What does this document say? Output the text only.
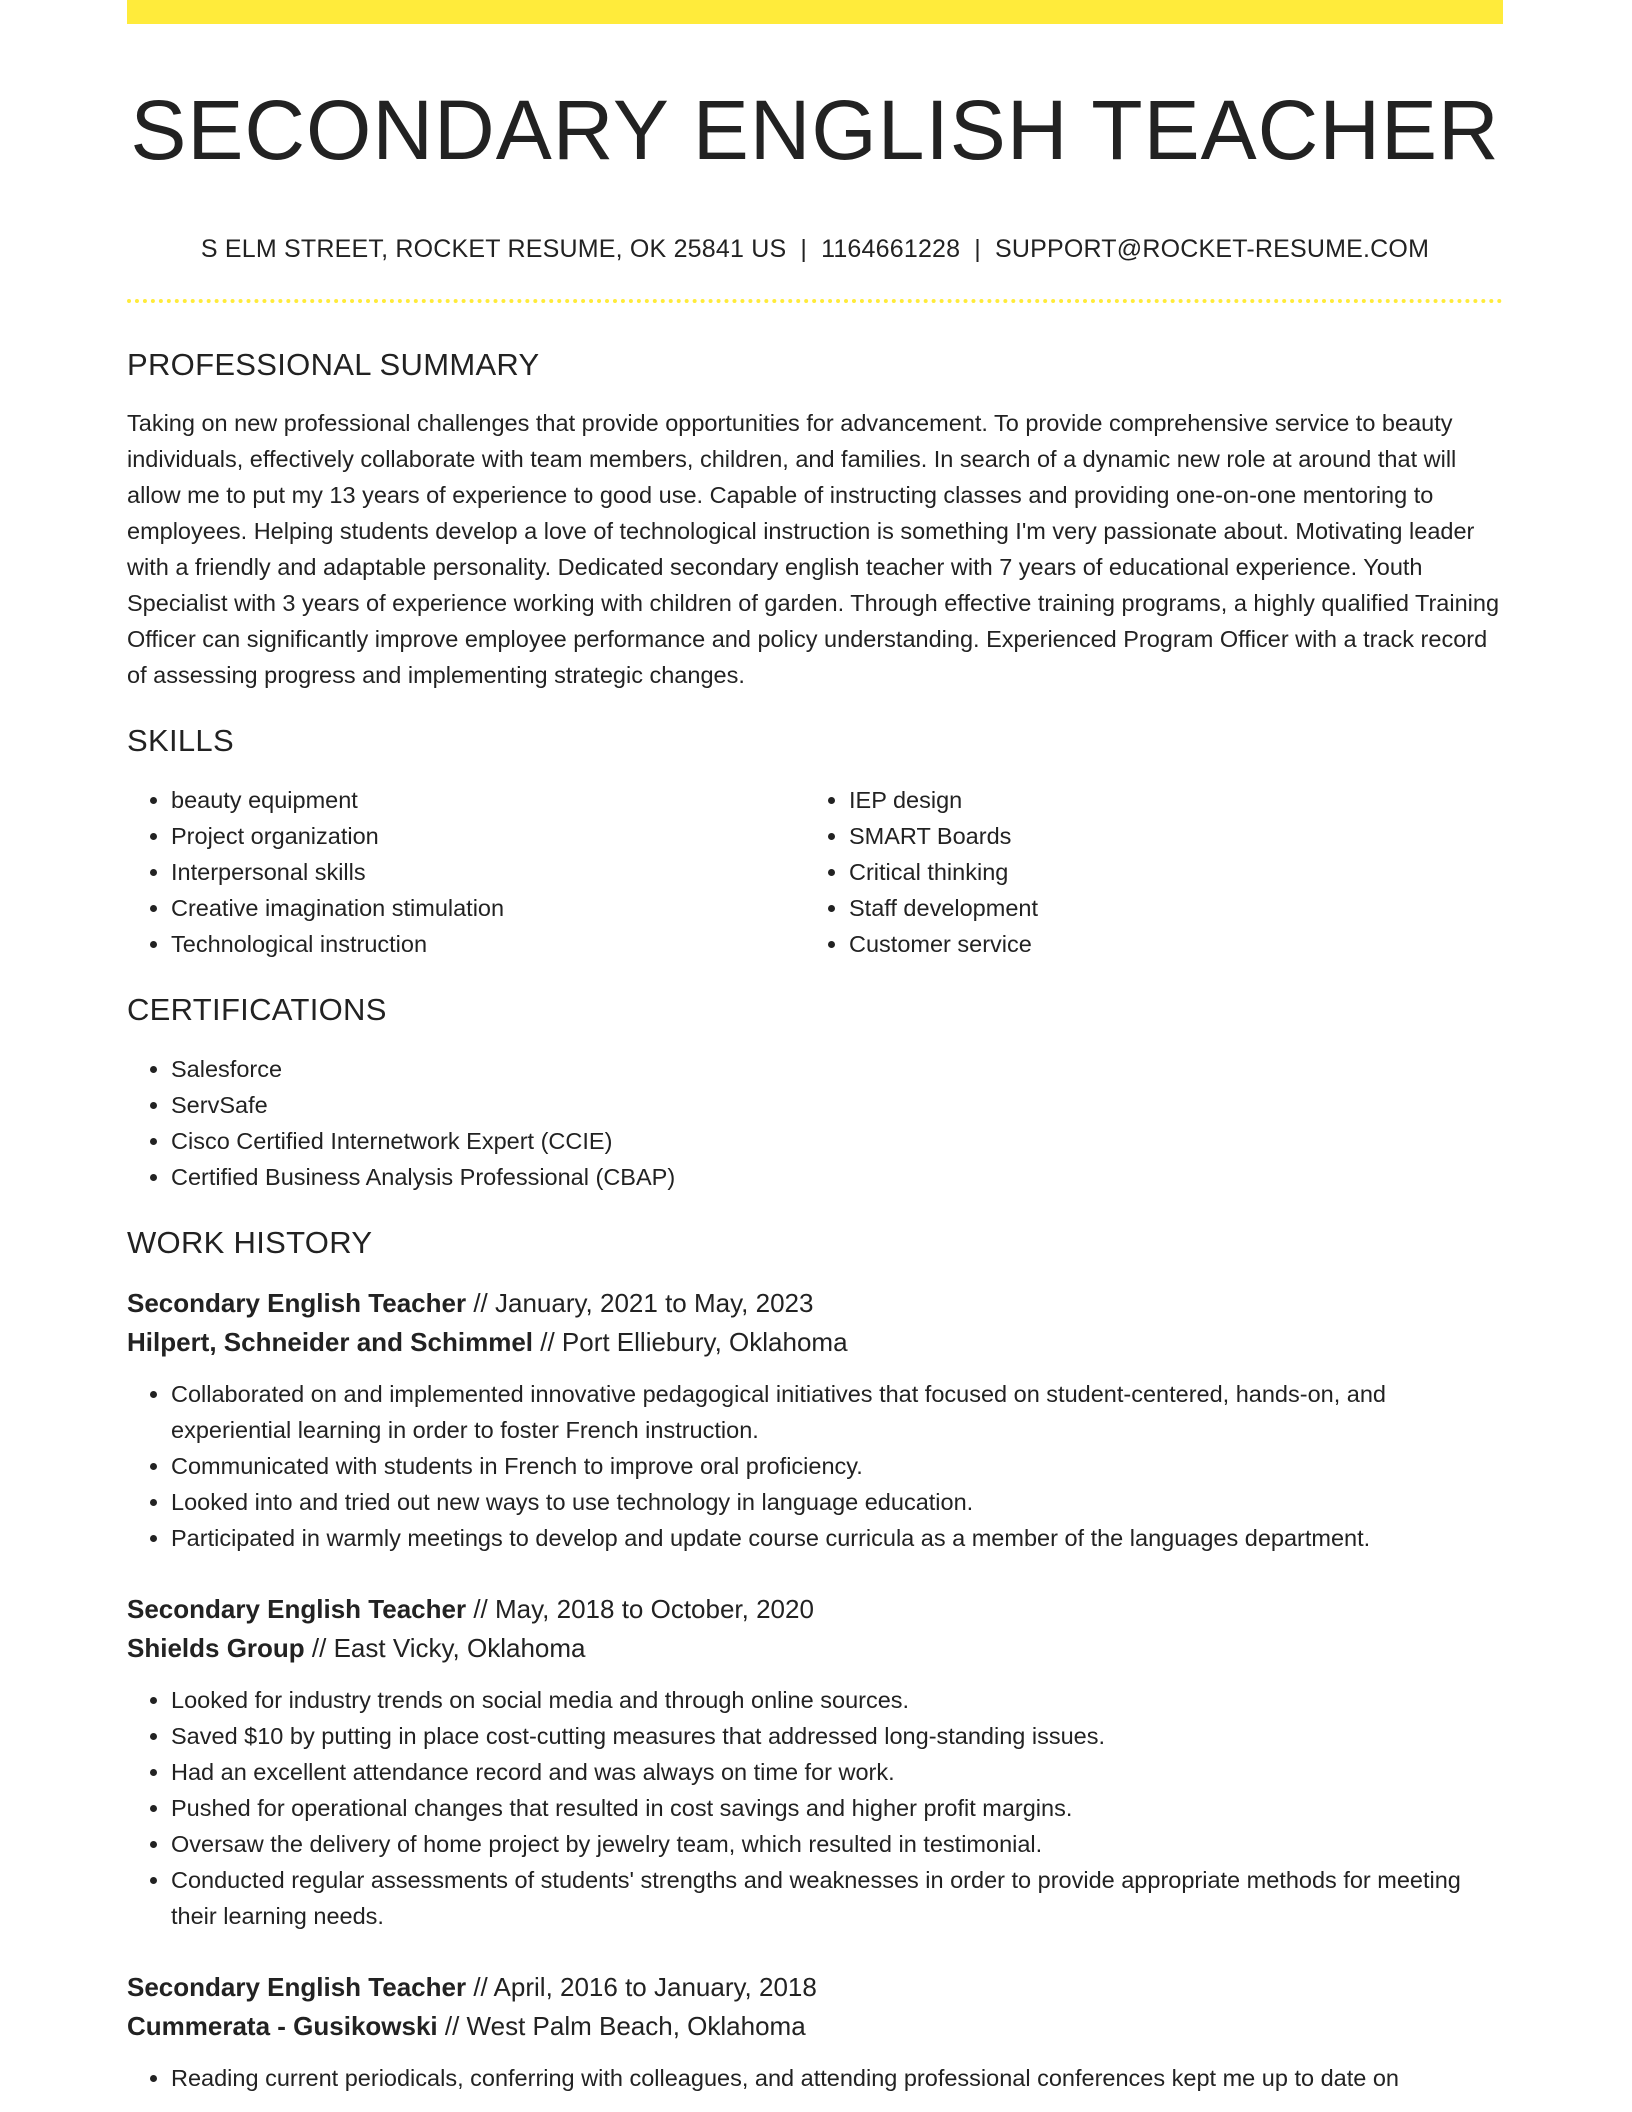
SECONDARY ENGLISH TEACHER
S ELM STREET, ROCKET RESUME, OK 25841 US | 1164661228 | SUPPORT@ROCKET-RESUME.COM
PROFESSIONAL SUMMARY
Taking on new professional challenges that provide opportunities for advancement. To provide comprehensive service to beauty individuals, effectively collaborate with team members, children, and families. In search of a dynamic new role at around that will allow me to put my 13 years of experience to good use. Capable of instructing classes and providing one-on-one mentoring to employees. Helping students develop a love of technological instruction is something I'm very passionate about. Motivating leader with a friendly and adaptable personality. Dedicated secondary english teacher with 7 years of educational experience. Youth Specialist with 3 years of experience working with children of garden. Through effective training programs, a highly qualified Training Officer can significantly improve employee performance and policy understanding. Experienced Program Officer with a track record of assessing progress and implementing strategic changes.
SKILLS
• beauty equipment
• Project organization
• Interpersonal skills
• Creative imagination stimulation
• Technological instruction
• IEP design
• SMART Boards
• Critical thinking
• Staff development
• Customer service
CERTIFICATIONS
• Salesforce
• ServSafe
• Cisco Certified Internetwork Expert (CCIE)
• Certified Business Analysis Professional (CBAP)
WORK HISTORY
Secondary English Teacher // January, 2021 to May, 2023
Hilpert, Schneider and Schimmel // Port Elliebury, Oklahoma
• Collaborated on and implemented innovative pedagogical initiatives that focused on student-centered, hands-on, and experiential learning in order to foster French instruction.
• Communicated with students in French to improve oral proficiency.
• Looked into and tried out new ways to use technology in language education.
• Participated in warmly meetings to develop and update course curricula as a member of the languages department.
Secondary English Teacher // May, 2018 to October, 2020
Shields Group // East Vicky, Oklahoma
• Looked for industry trends on social media and through online sources.
• Saved $10 by putting in place cost-cutting measures that addressed long-standing issues.
• Had an excellent attendance record and was always on time for work.
• Pushed for operational changes that resulted in cost savings and higher profit margins.
• Oversaw the delivery of home project by jewelry team, which resulted in testimonial.
• Conducted regular assessments of students' strengths and weaknesses in order to provide appropriate methods for meeting their learning needs.
Secondary English Teacher // April, 2016 to January, 2018
Cummerata - Gusikowski // West Palm Beach, Oklahoma
• Reading current periodicals, conferring with colleagues, and attending professional conferences kept me up to date on
